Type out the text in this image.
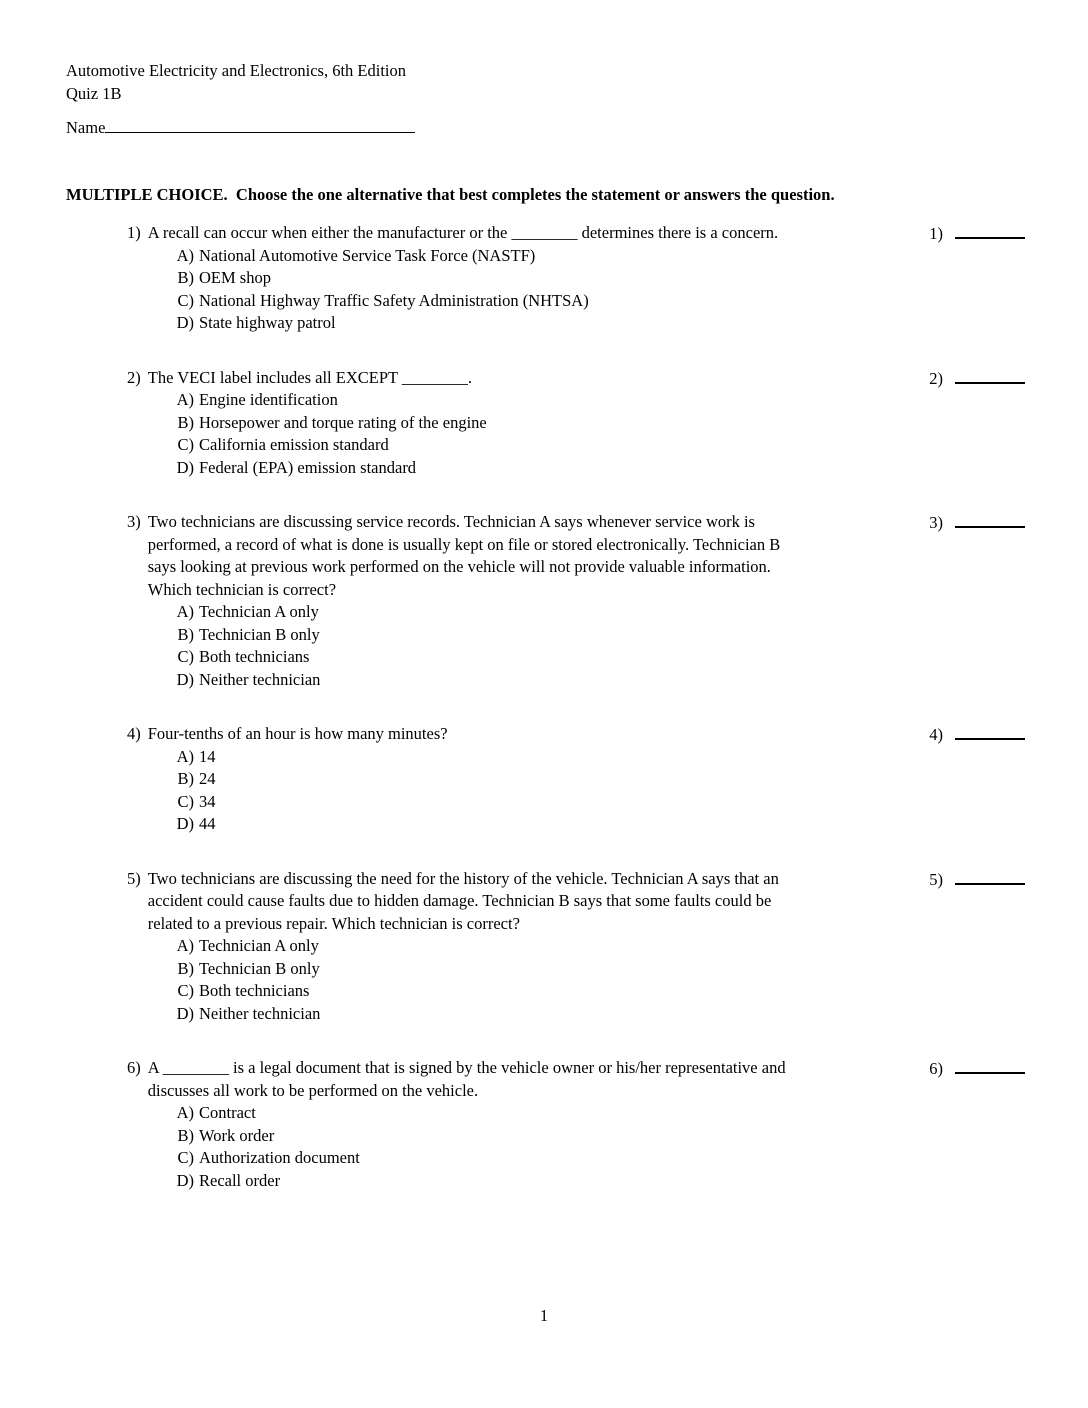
Automotive Electricity and Electronics, 6th Edition
Quiz 1B
Name
MULTIPLE CHOICE.  Choose the one alternative that best completes the statement or answers the question.
1) A recall can occur when either the manufacturer or the ________ determines there is a concern.
A) National Automotive Service Task Force (NASTF)
B) OEM shop
C) National Highway Traffic Safety Administration (NHTSA)
D) State highway patrol
1)
2) The VECI label includes all EXCEPT ________.
A) Engine identification
B) Horsepower and torque rating of the engine
C) California emission standard
D) Federal (EPA) emission standard
2)
3) Two technicians are discussing service records. Technician A says whenever service work is
performed, a record of what is done is usually kept on file or stored electronically. Technician B
says looking at previous work performed on the vehicle will not provide valuable information.
Which technician is correct?
A) Technician A only
B) Technician B only
C) Both technicians
D) Neither technician
3)
4) Four-tenths of an hour is how many minutes?
A) 14
B) 24
C) 34
D) 44
4)
5) Two technicians are discussing the need for the history of the vehicle. Technician A says that an
accident could cause faults due to hidden damage. Technician B says that some faults could be
related to a previous repair. Which technician is correct?
A) Technician A only
B) Technician B only
C) Both technicians
D) Neither technician
5)
6) A ________ is a legal document that is signed by the vehicle owner or his/her representative and
discusses all work to be performed on the vehicle.
A) Contract
B) Work order
C) Authorization document
D) Recall order
6)
1
